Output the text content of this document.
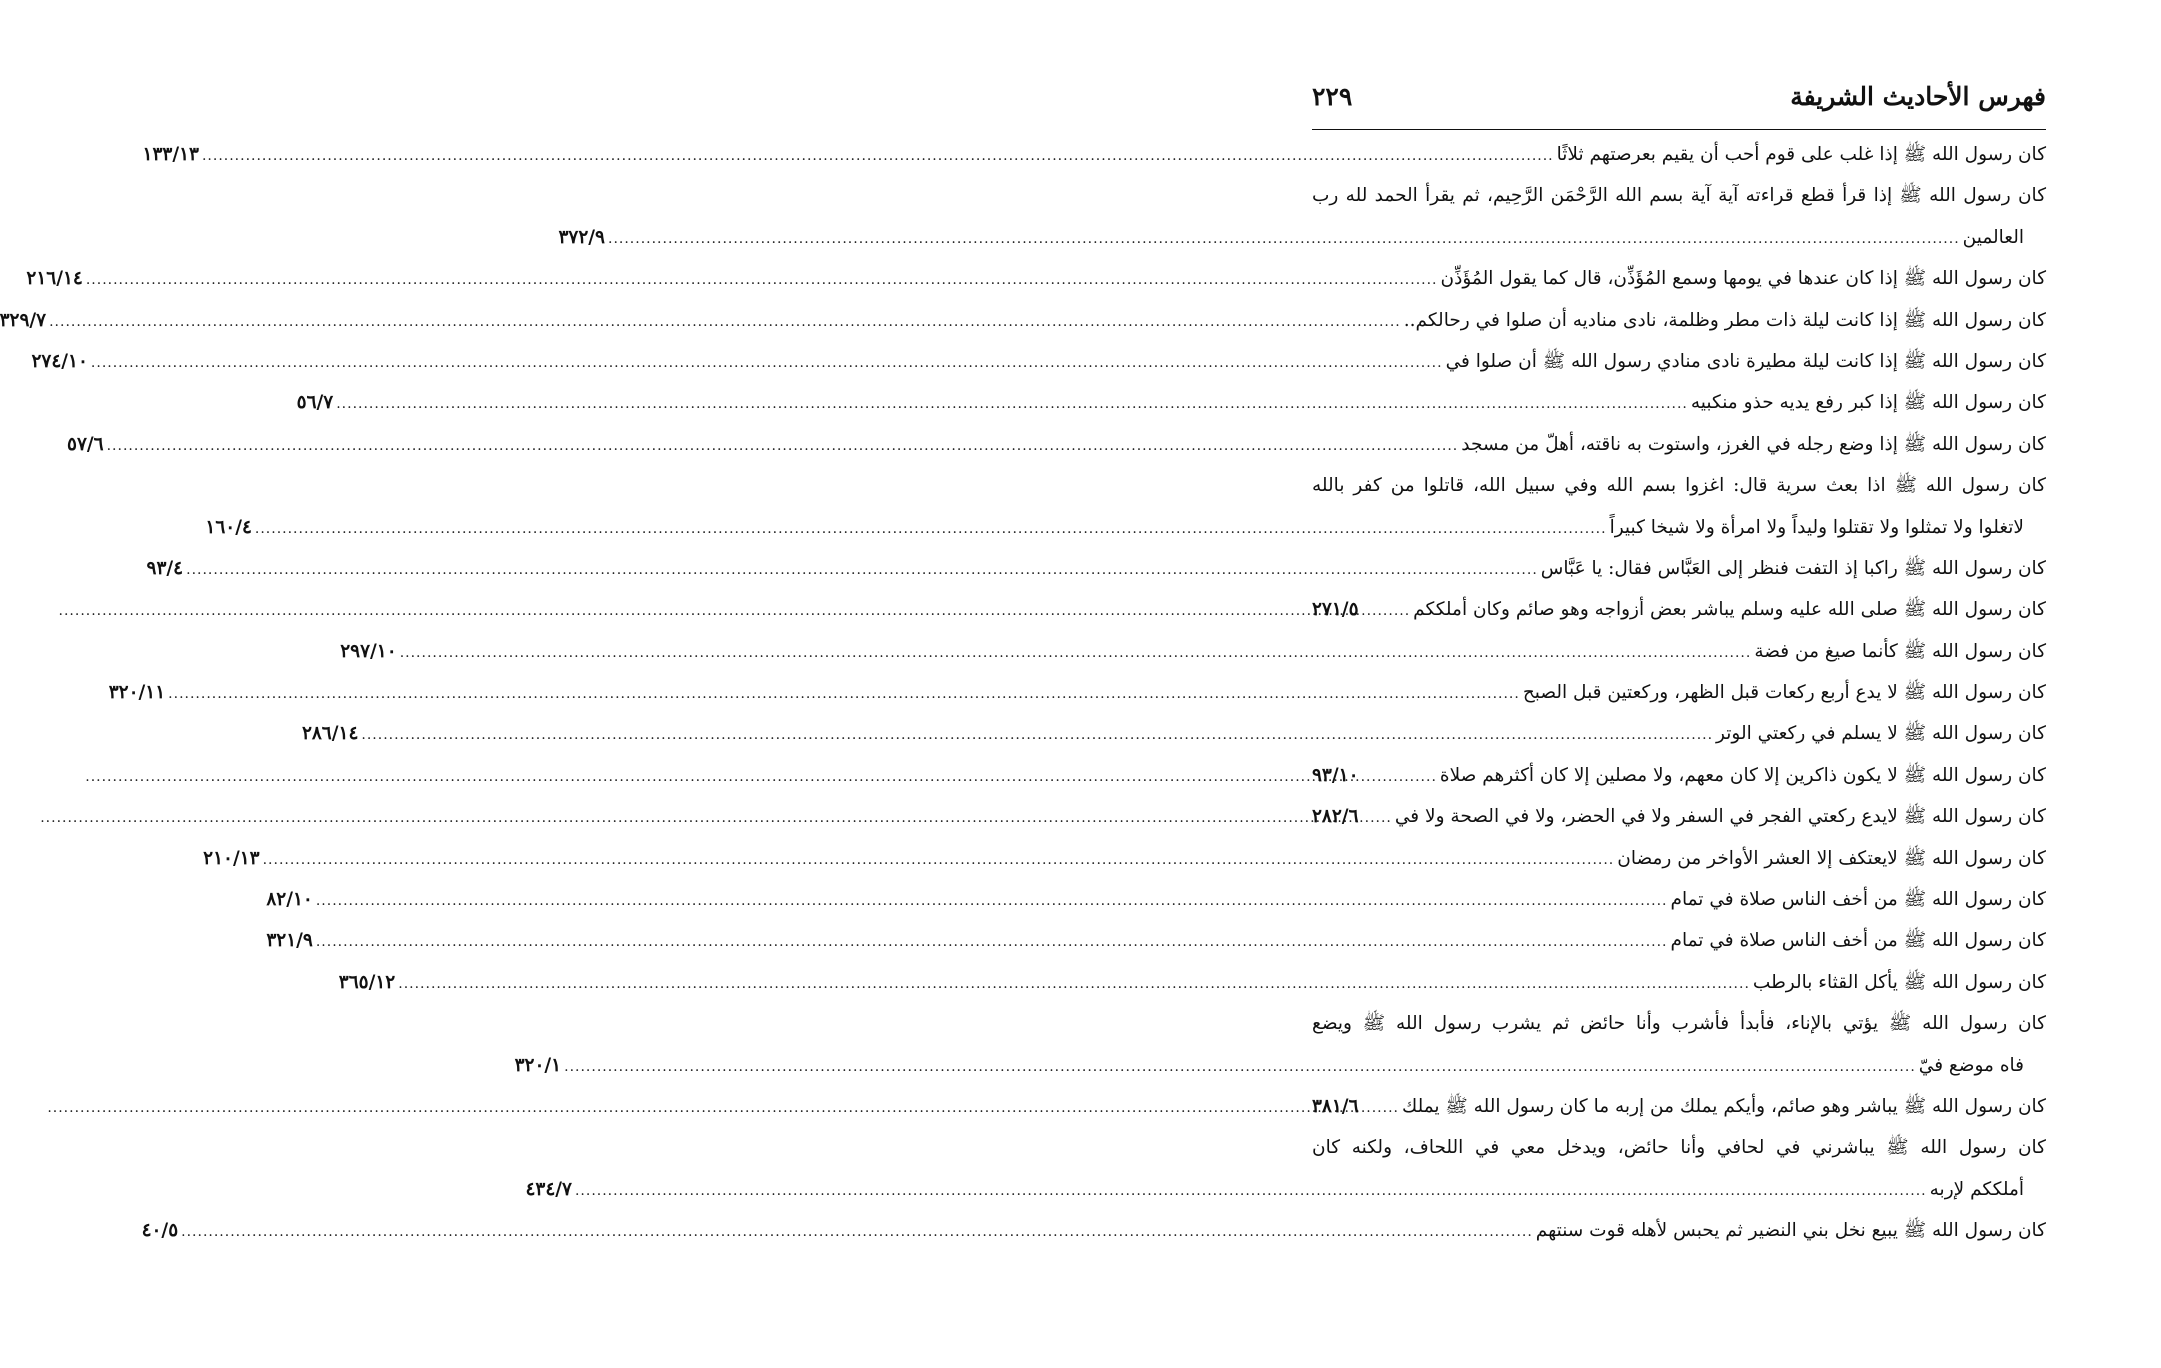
فهرس الأحاديث الشريفة
٢٢٩
كان رسول الله ﷺ إذا غلب على قوم أحب أن يقيم بعرصتهم ثلاثًا
.....
١٣٣/١٣
كان رسول الله ﷺ إذا قرأ قطع قراءته آية آية بسم الله الرَّحْمَن الرَّحِيم، ثم يقرأ الحمد لله رب
العالمين
.....
٣٧٢/٩
كان رسول الله ﷺ إذا كان عندها في يومها وسمع المُؤَذِّن، قال كما يقول المُؤَذِّن
.....
٢١٦/١٤
كان رسول الله ﷺ إذا كانت ليلة ذات مطر وظلمة، نادى مناديه أن صلوا في رحالكم..
.....
٣٢٩/٧
كان رسول الله ﷺ إذا كانت ليلة مطيرة نادى منادي رسول الله ﷺ أن صلوا في
.....
٢٧٤/١٠
كان رسول الله ﷺ إذا كبر رفع يديه حذو منكبيه
.....
٥٦/٧
كان رسول الله ﷺ إذا وضع رجله في الغرز، واستوت به ناقته، أهلّ من مسجد
.....
٥٧/٦
كان رسول الله ﷺ اذا بعث سرية قال: اغزوا بسم الله وفي سبيل الله، قاتلوا من كفر بالله
لاتغلوا ولا تمثلوا ولا تقتلوا وليداً ولا امرأة ولا شيخا كبيراً
.....
١٦٠/٤
كان رسول الله ﷺ راكبا إذ التفت فنظر إلى العَبَّاس فقال: يا عَبَّاس
.....
٩٣/٤
كان رسول الله ﷺ صلى الله عليه وسلم يباشر بعض أزواجه وهو صائم وكان أملككم
.....
٢٧١/٥
كان رسول الله ﷺ كأنما صيغ من فضة
.....
٢٩٧/١٠
كان رسول الله ﷺ لا يدع أربع ركعات قبل الظهر، وركعتين قبل الصبح
.....
٣٢٠/١١
كان رسول الله ﷺ لا يسلم في ركعتي الوتر
.....
٢٨٦/١٤
كان رسول الله ﷺ لا يكون ذاكرين إلا كان معهم، ولا مصلين إلا كان أكثرهم صلاة
.....
٩٣/١٠
كان رسول الله ﷺ لايدع ركعتي الفجر في السفر ولا في الحضر، ولا في الصحة ولا في
.....
٢٨٢/٦
كان رسول الله ﷺ لايعتكف إلا العشر الأواخر من رمضان
.....
٢١٠/١٣
كان رسول الله ﷺ من أخف الناس صلاة في تمام
.....
٨٢/١٠
كان رسول الله ﷺ من أخف الناس صلاة في تمام
.....
٣٢١/٩
كان رسول الله ﷺ يأكل القثاء بالرطب
.....
٣٦٥/١٢
كان رسول الله ﷺ يؤتي بالإناء، فأبدأ فأشرب وأنا حائض ثم يشرب رسول الله ﷺ ويضع
فاه موضع فيّ
.....
٣٢٠/١
كان رسول الله ﷺ يباشر وهو صائم، وأيكم يملك من إربه ما كان رسول الله ﷺ يملك
.....
٣٨١/٦
كان رسول الله ﷺ يباشرني في لحافي وأنا حائض، ويدخل معي في اللحاف، ولكنه كان
أملككم لإربه
.....
٤٣٤/٧
كان رسول الله ﷺ يبيع نخل بني النضير ثم يحبس لأهله قوت سنتهم
.....
٤٠/٥
